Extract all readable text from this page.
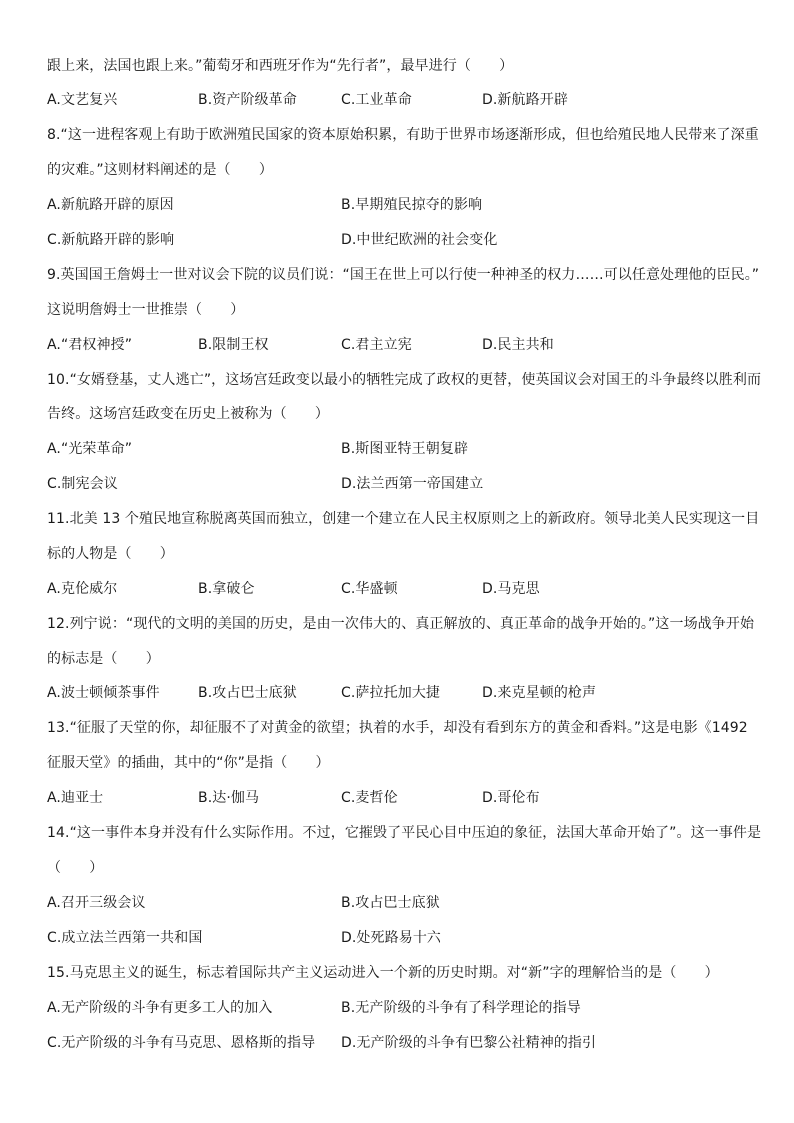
跟上来，法国也跟上来。”葡萄牙和西班牙作为“先行者”，最早进行（　　）
A.文艺复兴	B.资产阶级革命	C.工业革命	D.新航路开辟
8.“这一进程客观上有助于欧洲殖民国家的资本原始积累，有助于世界市场逐渐形成，但也给殖民地人民带来了深重
的灾难。”这则材料阐述的是（　　）
A.新航路开辟的原因	B.早期殖民掠夺的影响
C.新航路开辟的影响	D.中世纪欧洲的社会变化
9.英国国王詹姆士一世对议会下院的议员们说：“国王在世上可以行使一种神圣的权力……可以任意处理他的臣民。”
这说明詹姆士一世推崇（　　）
A.“君权神授”	B.限制王权	C.君主立宪	D.民主共和
10.“女婿登基，丈人逃亡”，这场宫廷政变以最小的牺牲完成了政权的更替，使英国议会对国王的斗争最终以胜利而
告终。这场宫廷政变在历史上被称为（　　）
A.“光荣革命”	B.斯图亚特王朝复辟
C.制宪会议	D.法兰西第一帝国建立
11.北美 13 个殖民地宣称脱离英国而独立，创建一个建立在人民主权原则之上的新政府。领导北美人民实现这一目
标的人物是（　　）
A.克伦威尔	B.拿破仑	C.华盛顿	D.马克思
12.列宁说：“现代的文明的美国的历史，是由一次伟大的、真正解放的、真正革命的战争开始的。”这一场战争开始
的标志是（　　）
A.波士顿倾茶事件	B.攻占巴士底狱	C.萨拉托加大捷	D.来克星顿的枪声
13.“征服了天堂的你，却征服不了对黄金的欲望；执着的水手，却没有看到东方的黄金和香料。”这是电影《1492
征服天堂》的插曲，其中的“你”是指（　　）
A.迪亚士	B.达·伽马	C.麦哲伦	D.哥伦布
14.“这一事件本身并没有什么实际作用。不过，它摧毁了平民心目中压迫的象征，法国大革命开始了”。这一事件是
（　　）
A.召开三级会议	B.攻占巴士底狱
C.成立法兰西第一共和国	D.处死路易十六
15.马克思主义的诞生，标志着国际共产主义运动进入一个新的历史时期。对“新”字的理解恰当的是（　　）
A.无产阶级的斗争有更多工人的加入	B.无产阶级的斗争有了科学理论的指导
C.无产阶级的斗争有马克思、恩格斯的指导 D.无产阶级的斗争有巴黎公社精神的指引
